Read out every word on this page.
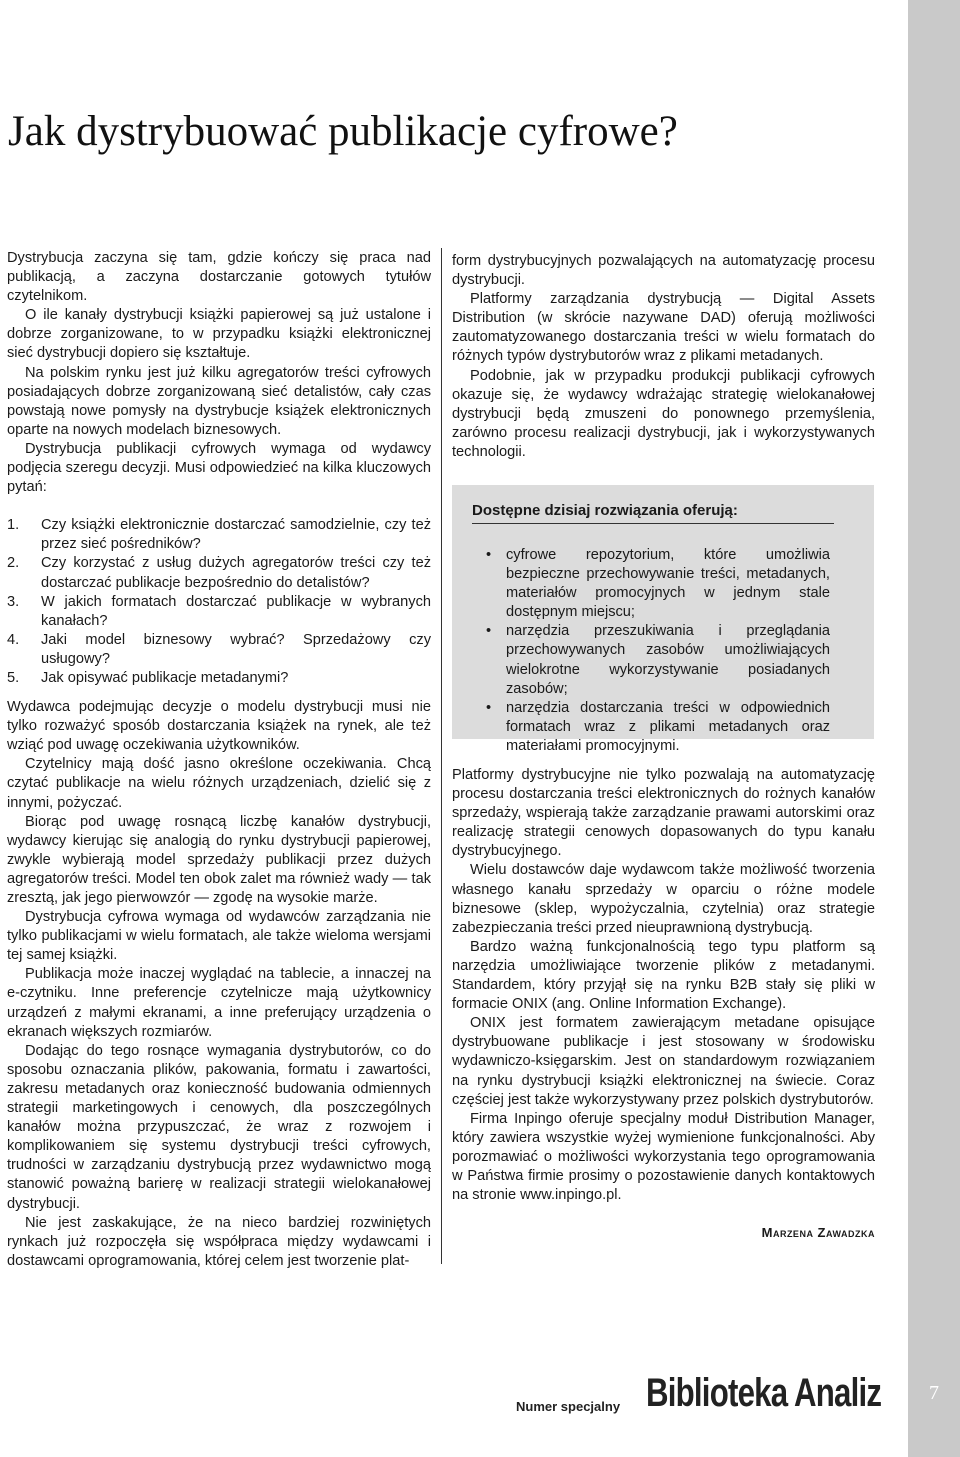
7
Jak dystrybuować publikacje cyfrowe?

Dystrybucja zaczyna się tam, gdzie kończy się praca nad publikacją, a zaczyna dostarczanie gotowych tytułów czytelnikom.

O ile kanały dystrybucji książki papierowej są już ustalone i dobrze zorganizowane, to w przypadku książki elektronicznej sieć dystrybucji dopiero się kształtuje.

Na polskim rynku jest już kilku agregatorów treści cyfrowych posiadających dobrze zorganizowaną sieć detalistów, cały czas powstają nowe pomysły na dystrybucje książek elektronicznych oparte na nowych modelach biznesowych.

Dystrybucja publikacji cyfrowych wymaga od wydawcy podjęcia szeregu decyzji. Musi odpowiedzieć na kilka kluczowych pytań:

1. Czy książki elektronicznie dostarczać samodzielnie, czy też przez sieć pośredników?
2. Czy korzystać z usług dużych agregatorów treści czy też dostarczać publikacje bezpośrednio do detalistów?
3. W jakich formatach dostarczać publikacje w wybranych kanałach?
4. Jaki model biznesowy wybrać? Sprzedażowy czy usługowy?
5. Jak opisywać publikacje metadanymi?

Wydawca podejmując decyzje o modelu dystrybucji musi nie tylko rozważyć sposób dostarczania książek na rynek, ale też wziąć pod uwagę oczekiwania użytkowników.

Czytelnicy mają dość jasno określone oczekiwania. Chcą czytać publikacje na wielu różnych urządzeniach, dzielić się z innymi, pożyczać.

Biorąc pod uwagę rosnącą liczbę kanałów dystrybucji, wydawcy kierując się analogią do rynku dystrybucji papierowej, zwykle wybierają model sprzedaży publikacji przez dużych agregatorów treści. Model ten obok zalet ma również wady — tak zresztą, jak jego pierwowzór — zgodę na wysokie marże.

Dystrybucja cyfrowa wymaga od wydawców zarządzania nie tylko publikacjami w wielu formatach, ale także wieloma wersjami tej samej książki.

Publikacja może inaczej wyglądać na tablecie, a innaczej na e-czytniku. Inne preferencje czytelnicze mają użytkownicy urządzeń z małymi ekranami, a inne preferujący urządzenia o ekranach większych rozmiarów.

Dodając do tego rosnące wymagania dystrybutorów, co do sposobu oznaczania plików, pakowania, formatu i zawartości, zakresu metadanych oraz konieczność budowania odmiennych strategii marketingowych i cenowych, dla poszczególnych kanałów można przypuszczać, że wraz z rozwojem i komplikowaniem się systemu dystrybucji treści cyfrowych, trudności w zarządzaniu dystrybucją przez wydawnictwo mogą stanowić poważną barierę w realizacji strategii wielokanałowej dystrybucji.

Nie jest zaskakujące, że na nieco bardziej rozwiniętych rynkach już rozpoczęła się współpraca między wydawcami i dostawcami oprogramowania, której celem jest tworzenie plat-

form dystrybucyjnych pozwalających na automatyzację procesu dystrybucji.

Platformy zarządzania dystrybucją — Digital Assets Distribution (w skrócie nazywane DAD) oferują możliwości zautomatyzowanego dostarczania treści w wielu formatach do różnych typów dystrybutorów wraz z plikami metadanych.

Podobnie, jak w przypadku produkcji publikacji cyfrowych okazuje się, że wydawcy wdrażając strategię wielokanałowej dystrybucji będą zmuszeni do ponownego przemyślenia, zarówno procesu realizacji dystrybucji, jak i wykorzystywanych technologii.

Dostępne dzisiaj rozwiązania oferują:
• cyfrowe repozytorium, które umożliwia bezpieczne przechowywanie treści, metadanych, materiałów promocyjnych w jednym stale dostępnym miejscu;
• narzędzia przeszukiwania i przeglądania przechowywanych zasobów umożliwiających wielokrotne wykorzystywanie posiadanych zasobów;
• narzędzia dostarczania treści w odpowiednich formatach wraz z plikami metadanych oraz materiałami promocyjnymi.

Platformy dystrybucyjne nie tylko pozwalają na automatyzację procesu dostarczania treści elektronicznych do rożnych kanałów sprzedaży, wspierają także zarządzanie prawami autorskimi oraz realizację strategii cenowych dopasowanych do typu kanału dystrybucyjnego.

Wielu dostawców daje wydawcom także możliwość tworzenia własnego kanału sprzedaży w oparciu o różne modele biznesowe (sklep, wypożyczalnia, czytelnia) oraz strategie zabezpieczania treści przed nieuprawnioną dystrybucją.

Bardzo ważną funkcjonalnością tego typu platform są narzędzia umożliwiające tworzenie plików z metadanymi. Standardem, który przyjął się na rynku B2B stały się pliki w formacie ONIX (ang. Online Information Exchange).

ONIX jest formatem zawierającym metadane opisujące dystrybuowane publikacje i jest stosowany w środowisku wydawniczo-księgarskim. Jest on standardowym rozwiązaniem na rynku dystrybucji książki elektronicznej na świecie. Coraz częściej jest także wykorzystywany przez polskich dystrybutorów.

Firma Inpingo oferuje specjalny moduł Distribution Manager, który zawiera wszystkie wyżej wymienione funkcjonalności. Aby porozmawiać o możliwości wykorzystania tego oprogramowania w Państwa firmie prosimy o pozostawienie danych kontaktowych na stronie www.inpingo.pl.

Marzena Zawadzka

Numer specjalny Biblioteka Analiz
